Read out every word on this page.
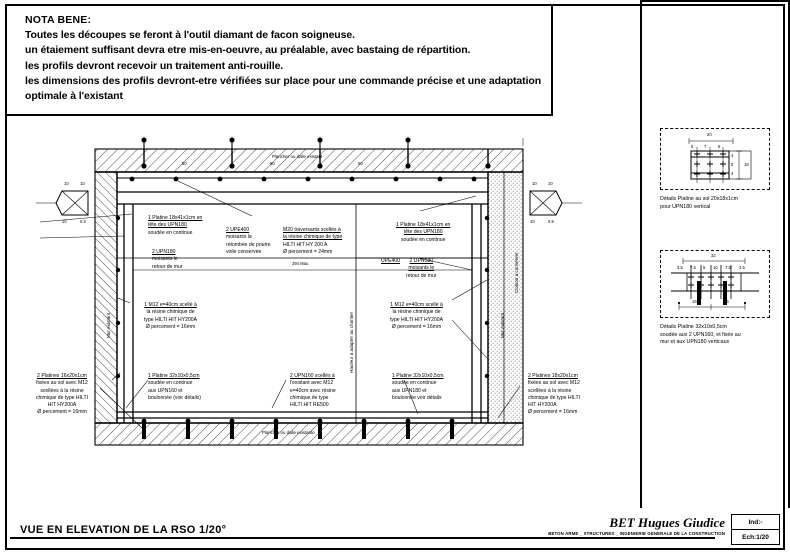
NOTA BENE:
Toutes les découpes se feront à l'outil diamant de facon soigneuse.
un étaiement suffisant devra etre mis-en-oeuvre, au préalable, avec bastaing de répartition.
les profils devront recevoir un traitement anti-rouille.
les dimensions des profils devront-etre vérifiées sur place pour une commande précise et une adaptation
optimale à l'existant
Plancher ou dalle existant
Plancher ou dalle existante
Mur existant	Mur existant
Cloison a conserver
Hauteur a adapter au chantier
394 Max.
50	50	50
10	10
10	0.5
10	10
10	0.5
UPE400
1 Platine 18x41x1cm en
tête des UPN180
soudée en continue
2 UPN180
moisants le
retour de mur
2 UPE400
moisants la
retombée de poutre
voile conservée
M20 traversants scellés à
la résine chimique de type
HILTI HIT HY 200 A
Ø percement = 24mm
1 Platine 18x41x1cm en
tête des UPN180
soudée en continue
2 UPN180
moisants le
retour de mur
1 M12 e=40cm scellé à
la résine chimique de
type HILTI HIT HY200A
Ø percement = 16mm
1 M12 e=40cm scellé à
la résine chimique de
type HILTI HIT HY200A
Ø percement = 16mm
2 Platines 16x20x1cm
fixées au sol avec M12
scellées à la résine
chimique de type HILTI
HIT HY200A
Ø percement = 16mm
1 Platine 32x10x0,5cm
soudée en continue
aux UPN160 et
boulonnée (voir détails)
2 UPN160 scellés à
l'existant avec M12
e=40cm avec résine
chimique de type
HILTI HIT RE500
1 Platine 32x10x0,5cm
soudée en continue
aux UPN180 et
boulonnée voir détails
2 Platines 18x20x1cm
fixées au sol avec M12
scellées à la résine
chimique de type HILTI
HIT HY200A
Ø percement = 16mm
20
5	7	5
4
5
4
18
Détails Platine au sol 20x18x1cm
pour UPN180 vertical
32
3.5 7.5 5 10 7.5 3.5
16	16
Détails Platine 32x10x0,5cm
soudée aux 2 UPN160, et fixée au
mur et aux UPN180 verticaux
VUE EN ELEVATION DE LA RSO 1/20°	BET Hugues Giudice
BETON ARME _ STRUCTURES _ INGENIERIE GENERALE DE LA CONSTRUCTION
Ind:-
Ech:1/20
